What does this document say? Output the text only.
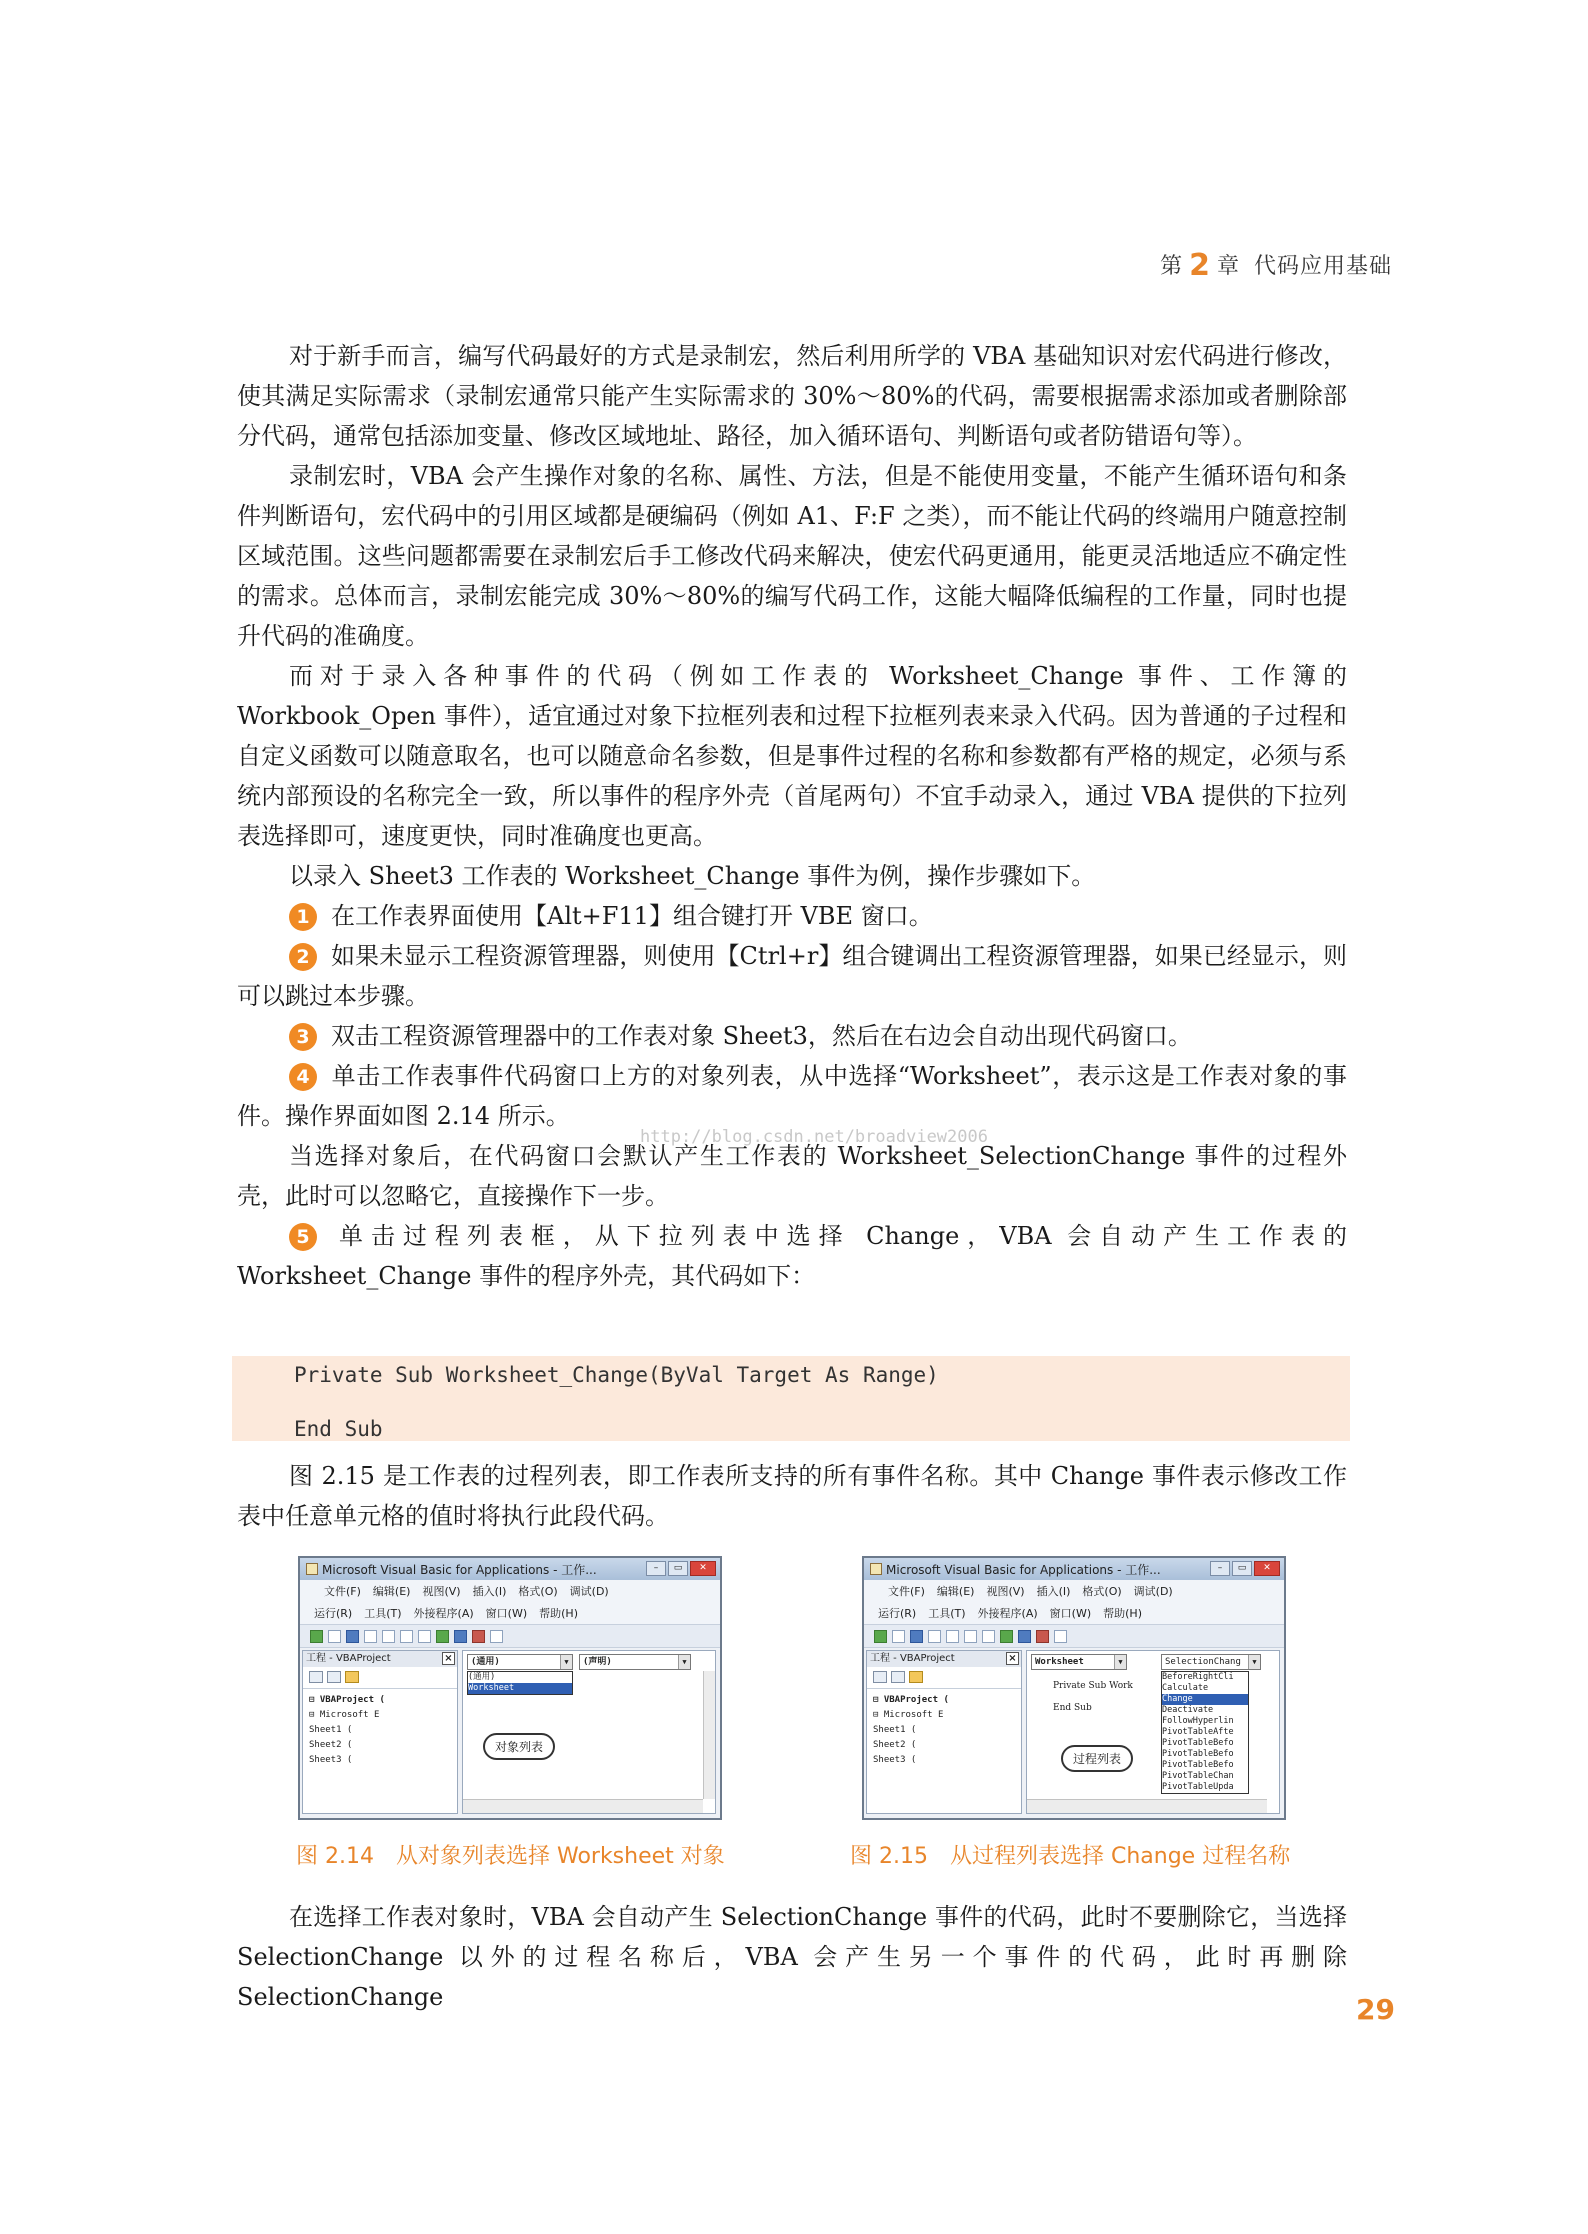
第 2 章 代码应用基础

对于新手而言，编写代码最好的方式是录制宏，然后利用所学的 VBA 基础知识对宏代码进行修改，使其满足实际需求（录制宏通常只能产生实际需求的 30%～80%的代码，需要根据需求添加或者删除部分代码，通常包括添加变量、修改区域地址、路径，加入循环语句、判断语句或者防错语句等）。

录制宏时，VBA 会产生操作对象的名称、属性、方法，但是不能使用变量，不能产生循环语句和条件判断语句，宏代码中的引用区域都是硬编码（例如 A1、F:F 之类），而不能让代码的终端用户随意控制区域范围。这些问题都需要在录制宏后手工修改代码来解决，使宏代码更通用，能更灵活地适应不确定性的需求。总体而言，录制宏能完成 30%～80%的编写代码工作，这能大幅降低编程的工作量，同时也提升代码的准确度。

而对于录入各种事件的代码（例如工作表的 Worksheet_Change 事件、工作簿的 Workbook_Open 事件），适宜通过对象下拉框列表和过程下拉框列表来录入代码。因为普通的子过程和自定义函数可以随意取名，也可以随意命名参数，但是事件过程的名称和参数都有严格的规定，必须与系统内部预设的名称完全一致，所以事件的程序外壳（首尾两句）不宜手动录入，通过 VBA 提供的下拉列表选择即可，速度更快，同时准确度也更高。

以录入 Sheet3 工作表的 Worksheet_Change 事件为例，操作步骤如下。

1 在工作表界面使用【Alt+F11】组合键打开 VBE 窗口。

2 如果未显示工程资源管理器，则使用【Ctrl+r】组合键调出工程资源管理器，如果已经显示，则可以跳过本步骤。

3 双击工程资源管理器中的工作表对象 Sheet3，然后在右边会自动出现代码窗口。

4 单击工作表事件代码窗口上方的对象列表，从中选择“Worksheet”，表示这是工作表对象的事件。操作界面如图 2.14 所示。

当选择对象后，在代码窗口会默认产生工作表的 Worksheet_SelectionChange 事件的过程外壳，此时可以忽略它，直接操作下一步。

5 单击过程列表框，从下拉列表中选择 Change，VBA 会自动产生工作表的 Worksheet_Change 事件的程序外壳，其代码如下：

http://blog.csdn.net/broadview2006
Private Sub Worksheet_Change(ByVal Target As Range)
End Sub

图 2.15 是工作表的过程列表，即工作表所支持的所有事件名称。其中 Change 事件表示修改工作表中任意单元格的值时将执行此段代码。

Microsoft Visual Basic for Applications - 工作...	–	▭	✕
文件(F) 编辑(E) 视图(V) 插入(I) 格式(O) 调试(D)
运行(R) 工具(T) 外接程序(A) 窗口(W) 帮助(H)
工程 - VBAProject	×
⊟ VBAProject (
⊟ Microsoft E
Sheet1 (
Sheet2 (
Sheet3 (
(通用)	▼	(声明)	▼
(通用)
Worksheet
对象列表
Microsoft Visual Basic for Applications - 工作...	–	▭	✕
文件(F) 编辑(E) 视图(V) 插入(I) 格式(O) 调试(D)
运行(R) 工具(T) 外接程序(A) 窗口(W) 帮助(H)
工程 - VBAProject	×
⊟ VBAProject (
⊟ Microsoft E
Sheet1 (
Sheet2 (
Sheet3 (
Worksheet	▼	SelectionChang	▼
Private Sub Work
End Sub
BeforeRightCli
Calculate
Change
Deactivate
FollowHyperlin
PivotTableAfte
PivotTableBefo
PivotTableBefo
PivotTableBefo
PivotTableChan
PivotTableUpda
过程列表
图 2.14 从对象列表选择 Worksheet 对象	图 2.15 从过程列表选择 Change 过程名称

在选择工作表对象时，VBA 会自动产生 SelectionChange 事件的代码，此时不要删除它，当选择 SelectionChange 以外的过程名称后，VBA 会产生另一个事件的代码，此时再删除 SelectionChange	29
